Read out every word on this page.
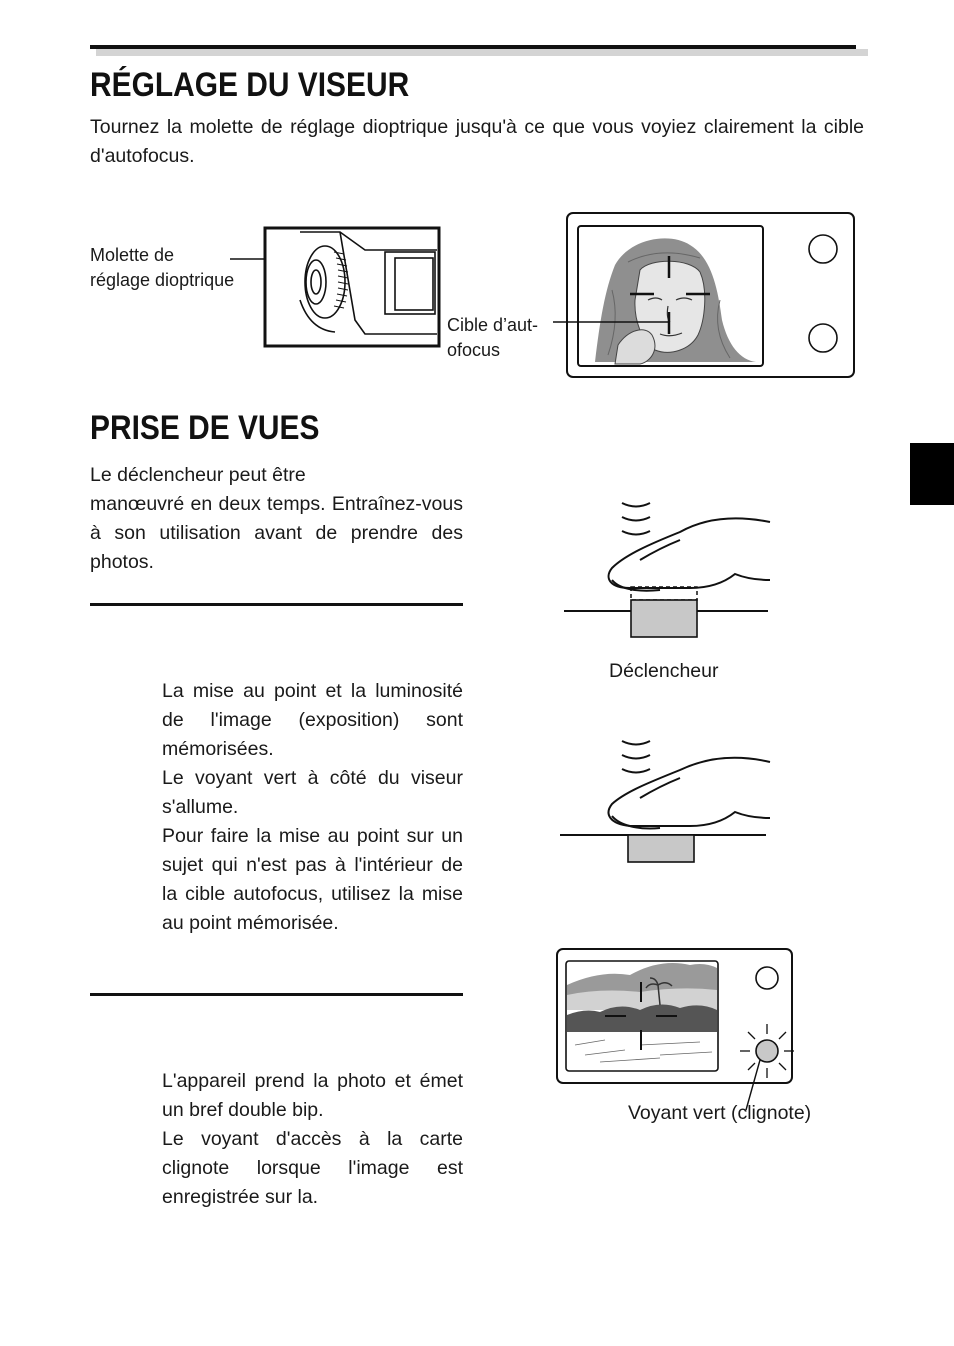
RÉGLAGE DU VISEUR
Tournez la molette de réglage dioptrique jusqu'à ce que vous voyiez clairement la cible d'autofocus.
Molette de
réglage dioptrique
Cible d’aut-
ofocus
PRISE DE VUES
Le déclencheur peut être
manœuvré en deux temps. Entraînez-vous à son utilisation avant de prendre des photos.
La mise au point et la luminosité de l'image (exposition) sont mémorisées.
Le voyant vert à côté du viseur s'allume.
Pour faire la mise au point sur un sujet qui n'est pas à l'intérieur de la cible autofocus, utilisez la mise au point mémorisée.
L'appareil prend la photo et émet un bref double bip.
Le voyant d'accès à la carte clignote lorsque l'image est enregistrée sur la.
Déclencheur
Voyant vert (clignote)
